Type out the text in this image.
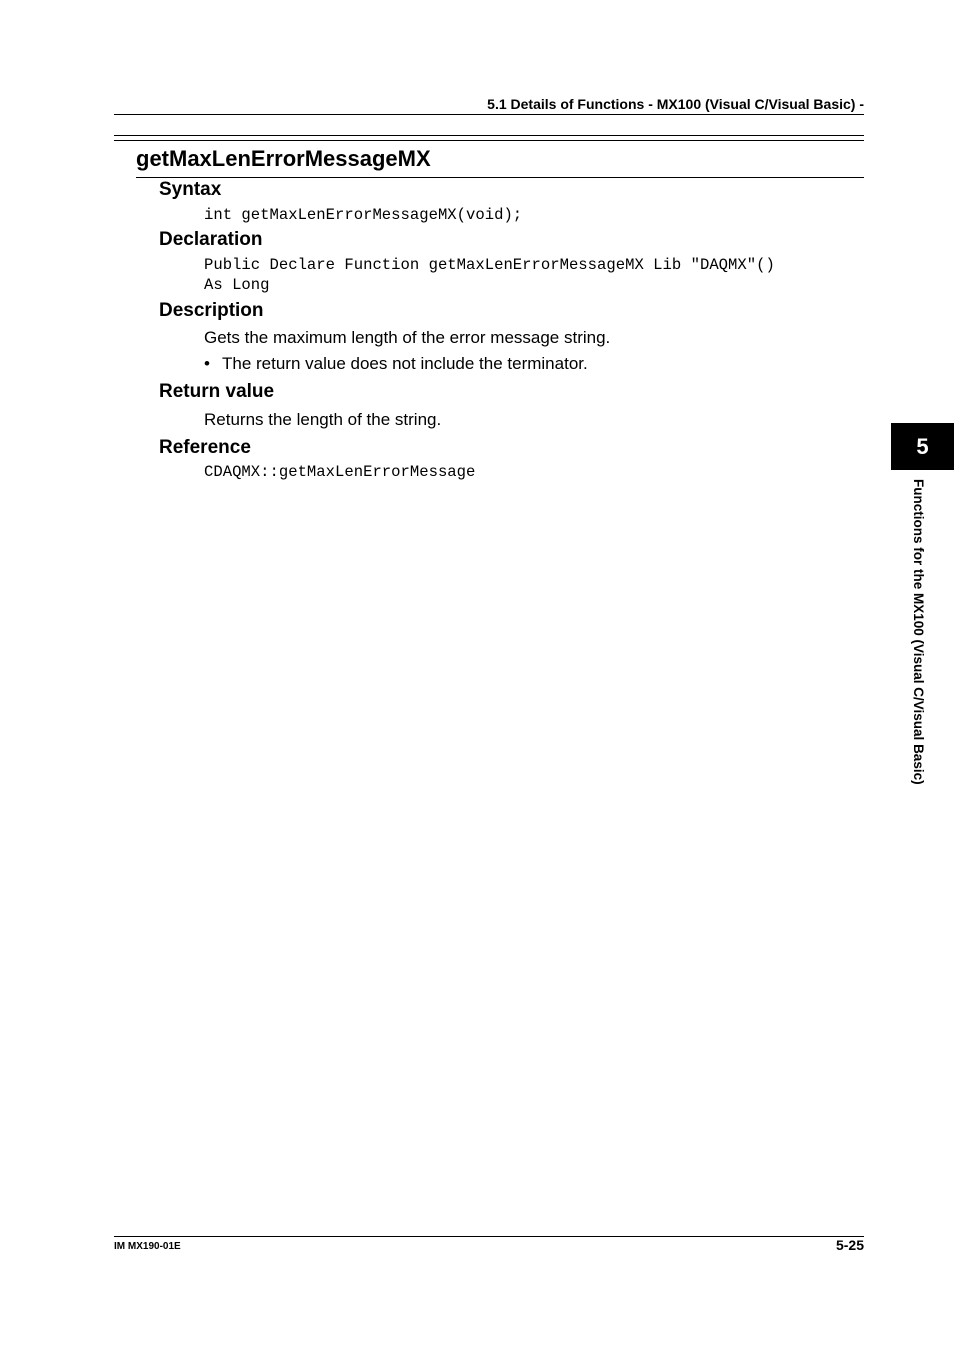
5.1 Details of Functions - MX100 (Visual C/Visual Basic) -
getMaxLenErrorMessageMX
Syntax
int getMaxLenErrorMessageMX(void);
Declaration
Public Declare Function getMaxLenErrorMessageMX Lib "DAQMX"()
As Long
Description
Gets the maximum length of the error message string.
• The return value does not include the terminator.
Return value
Returns the length of the string.
Reference
CDAQMX::getMaxLenErrorMessage
5
Functions for the MX100 (Visual C/Visual Basic)
IM MX190-01E	5-25
